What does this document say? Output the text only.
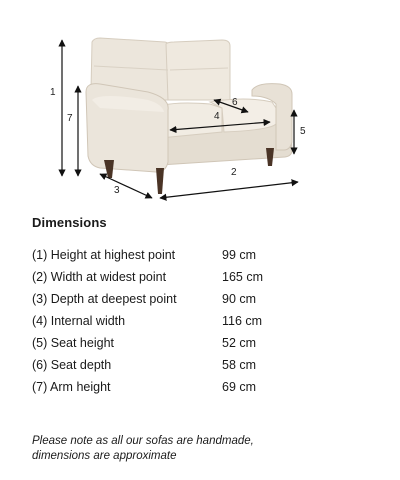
1
7
6
4
5
2
3
Dimensions
(1) Height at highest point	99 cm
(2) Width at widest point	165 cm
(3) Depth at deepest point	90 cm
(4) Internal width	116 cm
(5) Seat height	52 cm
(6) Seat depth	58 cm
(7) Arm height	69 cm
Please note as all our sofas are handmade,
dimensions are approximate
